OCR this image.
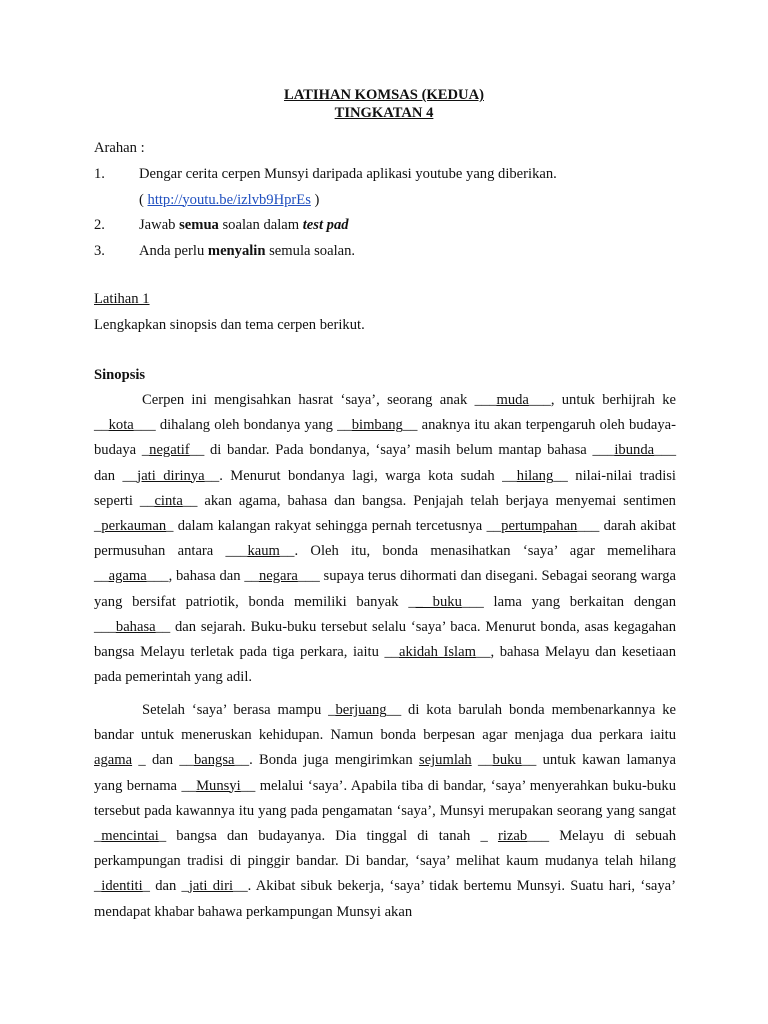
LATIHAN KOMSAS (KEDUA)
TINGKATAN 4
Arahan :
1. Dengar cerita cerpen Munsyi daripada aplikasi youtube yang diberikan.
( http://youtu.be/izlvb9HprEs )
2. Jawab semua soalan dalam test pad
3. Anda perlu menyalin semula soalan.
Latihan 1
Lengkapkan sinopsis dan tema cerpen berikut.
Sinopsis

Cerpen ini mengisahkan hasrat ‘saya’, seorang anak ___muda___, untuk berhijrah ke __kota___ dihalang oleh bondanya yang __bimbang__ anaknya itu akan terpengaruh oleh budaya-budaya _negatif__ di bandar. Pada bondanya, ‘saya’ masih belum mantap bahasa ___ibunda___ dan __jati dirinya__. Menurut bondanya lagi, warga kota sudah __hilang__ nilai-nilai tradisi seperti __cinta__ akan agama, bahasa dan bangsa. Penjajah telah berjaya menyemai sentimen _perkauman_ dalam kalangan rakyat sehingga pernah tercetusnya __pertumpahan___ darah akibat permusuhan antara ___kaum__. Oleh itu, bonda menasihatkan ‘saya’ agar memelihara __agama___, bahasa dan __negara___ supaya terus dihormati dan disegani. Sebagai seorang warga yang bersifat patriotik, bonda memiliki banyak __ buku___ lama yang berkaitan dengan ___bahasa__ dan sejarah. Buku-buku tersebut selalu ‘saya’ baca. Menurut bonda, asas kegagahan bangsa Melayu terletak pada tiga perkara, iaitu __akidah Islam__, bahasa Melayu dan kesetiaan pada pemerintah yang adil.

Setelah ‘saya’ berasa mampu _berjuang__ di kota barulah bonda membenarkannya ke bandar untuk meneruskan kehidupan. Namun bonda berpesan agar menjaga dua perkara iaitu agama _ dan __bangsa__. Bonda juga mengirimkan sejumlah __buku__ untuk kawan lamanya yang bernama __Munsyi__ melalui ‘saya’. Apabila tiba di bandar, ‘saya’ menyerahkan buku-buku tersebut pada kawannya itu yang pada pengamatan ‘saya’, Munsyi merupakan seorang yang sangat _mencintai_ bangsa dan budayanya. Dia tinggal di tanah _ rizab___ Melayu di sebuah perkampungan tradisi di pinggir bandar. Di bandar, ‘saya’ melihat kaum mudanya telah hilang _identiti_ dan _jati diri__. Akibat sibuk bekerja, ‘saya’ tidak bertemu Munsyi. Suatu hari, ‘saya’ mendapat khabar bahawa perkampungan Munsyi akan
